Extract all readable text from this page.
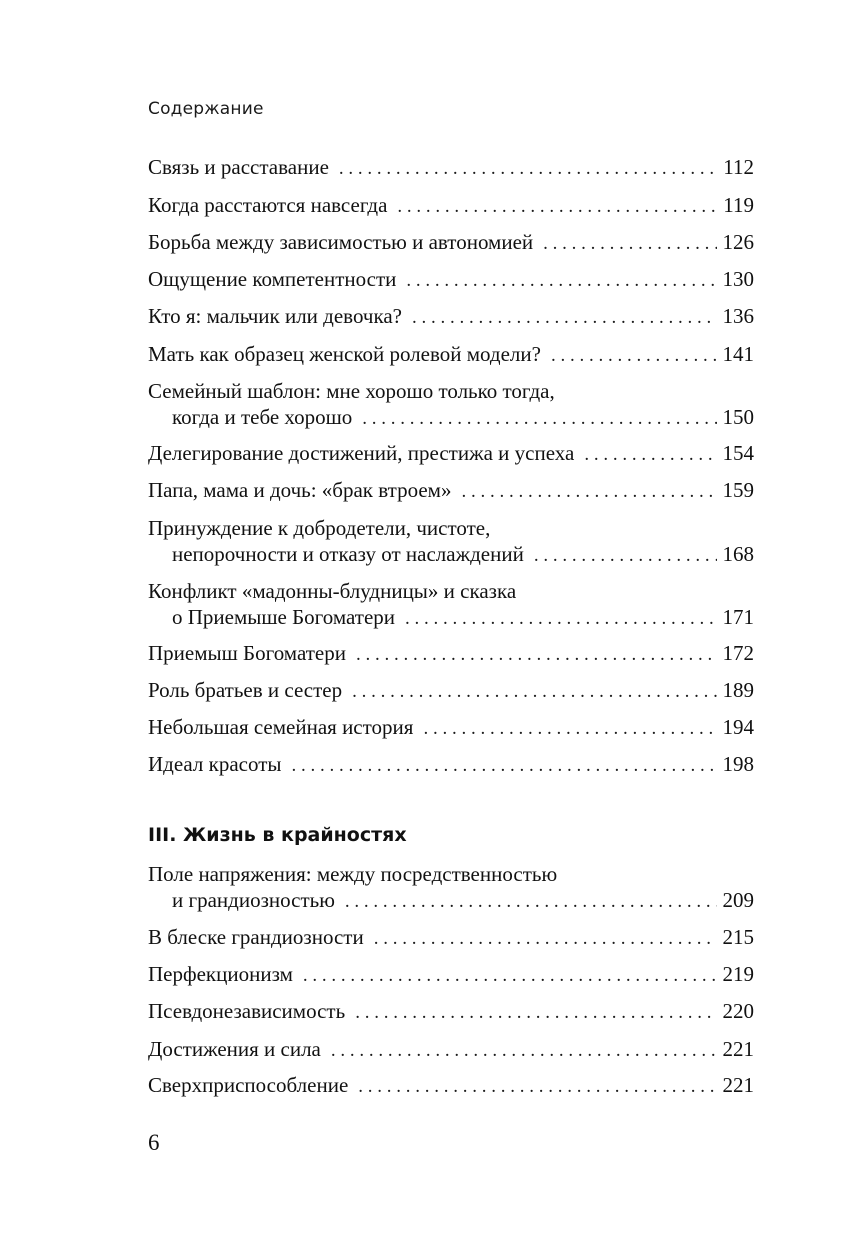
Содержание
Связь и расставание . . .	112
Когда расстаются навсегда . . .	119
Борьба между зависимостью и автономией . . .	126
Ощущение компетентности . . .	130
Кто я: мальчик или девочка? . . .	136
Мать как образец женской ролевой модели? . . .	141
Семейный шаблон: мне хорошо только тогда,
когда и тебе хорошо . . .	150
Делегирование достижений, престижа и успеха . . .	154
Папа, мама и дочь: «брак втроем» . . .	159
Принуждение к добродетели, чистоте,
непорочности и отказу от наслаждений . . .	168
Конфликт «мадонны-блудницы» и сказка
о Приемыше Богоматери . . .	171
Приемыш Богоматери . . .	172
Роль братьев и сестер . . .	189
Небольшая семейная история . . .	194
Идеал красоты . . .	198
III. Жизнь в крайностях
Поле напряжения: между посредственностью
и грандиозностью . . .	209
В блеске грандиозности . . .	215
Перфекционизм . . .	219
Псевдонезависимость . . .	220
Достижения и сила . . .	221
Сверхприспособление . . .	221
6
